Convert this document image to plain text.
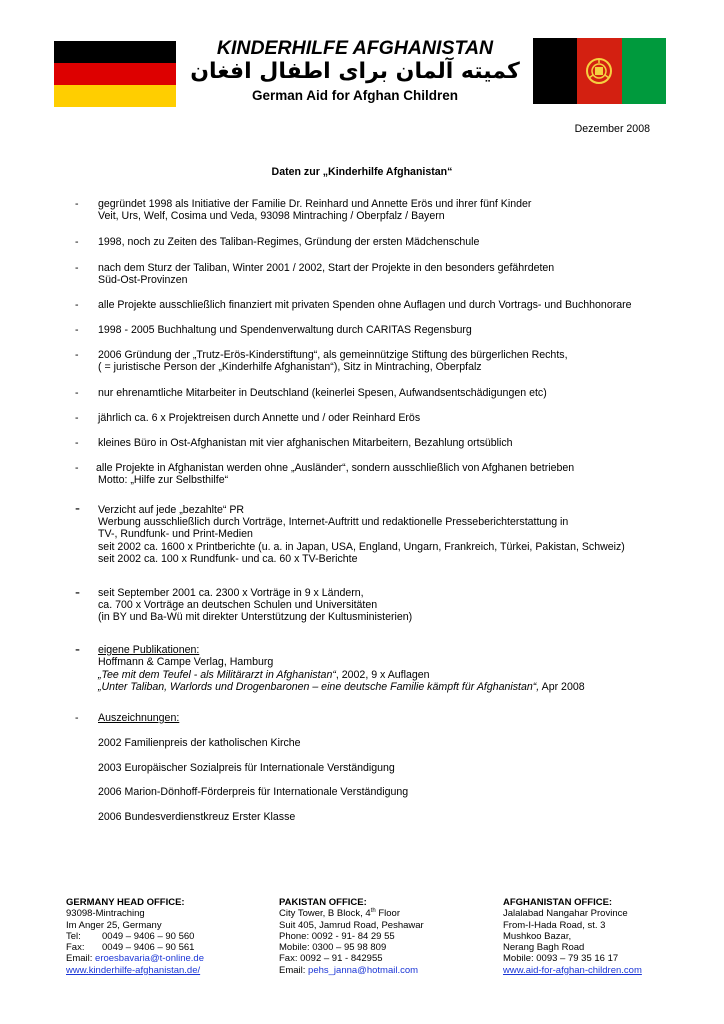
KINDERHILFE AFGHANISTAN
کمیته آلمان برای اطفال افغان
German Aid for Afghan Children
Dezember 2008
Daten zur „Kinderhilfe Afghanistan“
- gegründet 1998 als Initiative der Familie Dr. Reinhard und Annette Erös und ihrer fünf Kinder
Veit, Urs, Welf, Cosima und Veda, 93098 Mintraching / Oberpfalz / Bayern
- 1998, noch zu Zeiten des Taliban-Regimes, Gründung der ersten Mädchenschule
- nach dem Sturz der Taliban, Winter 2001 / 2002, Start der Projekte in den besonders gefährdeten
Süd-Ost-Provinzen
- alle Projekte ausschließlich finanziert mit privaten Spenden ohne Auflagen und durch Vortrags- und Buchhonorare
- 1998 - 2005 Buchhaltung und Spendenverwaltung durch CARITAS Regensburg
- 2006 Gründung der „Trutz-Erös-Kinderstiftung“, als gemeinnützige Stiftung des bürgerlichen Rechts,
( = juristische Person der „Kinderhilfe Afghanistan“), Sitz in Mintraching, Oberpfalz
- nur ehrenamtliche Mitarbeiter in Deutschland (keinerlei Spesen, Aufwandsentschädigungen etc)
- jährlich ca. 6 x Projektreisen durch Annette und / oder Reinhard Erös
- kleines Büro in Ost-Afghanistan mit vier afghanischen Mitarbeitern, Bezahlung ortsüblich
- alle Projekte in Afghanistan werden ohne „Ausländer“, sondern ausschließlich von Afghanen betrieben
Motto: „Hilfe zur Selbsthilfe“
- Verzicht auf jede „bezahlte“ PR
Werbung ausschließlich durch Vorträge, Internet-Auftritt und redaktionelle Presseberichterstattung in
TV-, Rundfunk- und Print-Medien
seit 2002 ca. 1600 x Printberichte (u. a. in Japan, USA, England, Ungarn, Frankreich, Türkei, Pakistan, Schweiz)
seit 2002 ca. 100 x Rundfunk- und ca. 60 x TV-Berichte
- seit September 2001 ca. 2300 x Vorträge in 9 x Ländern,
ca. 700 x Vorträge an deutschen Schulen und Universitäten
(in BY und Ba-Wü mit direkter Unterstützung der Kultusministerien)
- eigene Publikationen:
Hoffmann & Campe Verlag, Hamburg
„Tee mit dem Teufel - als Militärarzt in Afghanistan“, 2002, 9 x Auflagen
„Unter Taliban, Warlords und Drogenbaronen – eine deutsche Familie kämpft für Afghanistan“, Apr 2008
- Auszeichnungen:
2002 Familienpreis der katholischen Kirche
2003 Europäischer Sozialpreis für Internationale Verständigung
2006 Marion-Dönhoff-Förderpreis für Internationale Verständigung
2006 Bundesverdienstkreuz Erster Klasse
GERMANY HEAD OFFICE:
93098-Mintraching
Im Anger 25, Germany
Tel: 0049 – 9406 – 90 560
Fax: 0049 – 9406 – 90 561
Email: eroesbavaria@t-online.de
www.kinderhilfe-afghanistan.de/
PAKISTAN OFFICE:
City Tower, B Block, 4th Floor
Suit 405, Jamrud Road, Peshawar
Phone: 0092 - 91- 84 29 55
Mobile: 0300 – 95 98 809
Fax: 0092 – 91 - 842955
Email: pehs_janna@hotmail.com
AFGHANISTAN OFFICE:
Jalalabad Nangahar Province
From-I-Hada Road, st. 3
Mushkoo Bazar,
Nerang Bagh Road
Mobile: 0093 – 79 35 16 17
www.aid-for-afghan-children.com
